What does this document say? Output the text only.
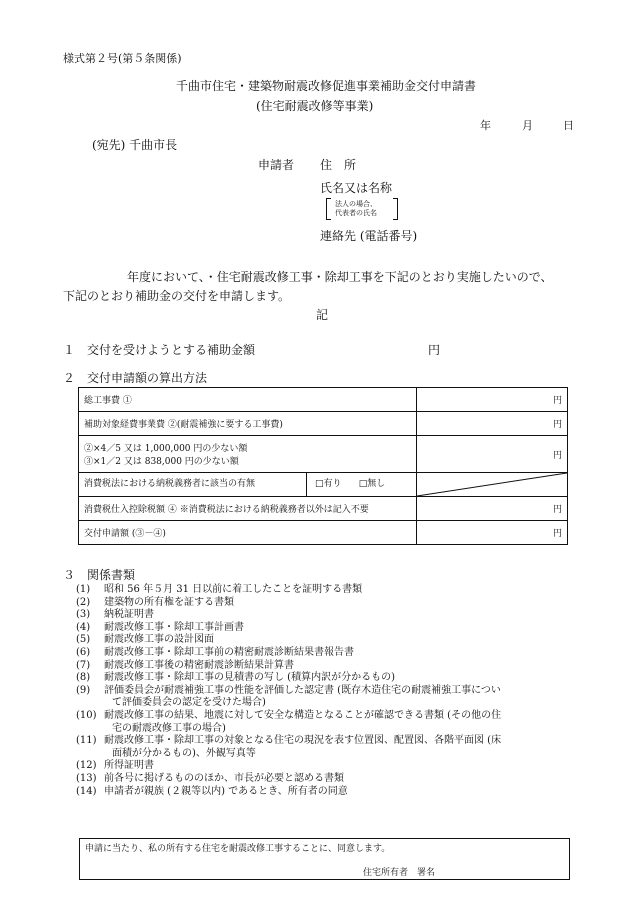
様式第２号(第５条関係)
千曲市住宅・建築物耐震改修促進事業補助金交付申請書
(住宅耐震改修等事業)
年	月	日
(宛先) 千曲市長
申請者 住　所
氏名又は名称
法人の場合、
代表者の氏名
連絡先 (電話番号)
年度において、・住宅耐震改修工事・除却工事を下記のとおり実施したいので、
下記のとおり補助金の交付を申請します。
記
１　交付を受けようとする補助金額	円
２　交付申請額の算出方法
総工事費 ①	円
補助対象経費事業費 ②(耐震補強に要する工事費)	円

②×4／5 又は 1,000,000 円の少ない額
③×1／2 又は 838,000 円の少ない額	円
消費税法における納税義務者に該当の有無 □有り □無し	

消費税仕入控除税額 ④ ※消費税法における納税義務者以外は記入不要	円
交付申請額 (③－④)	円
３　関係書類
(1) 昭和 56 年５月 31 日以前に着工したことを証明する書類
(2) 建築物の所有権を証する書類
(3) 納税証明書
(4) 耐震改修工事・除却工事計画書
(5) 耐震改修工事の設計図面
(6) 耐震改修工事・除却工事前の精密耐震診断結果書報告書
(7) 耐震改修工事後の精密耐震診断結果計算書
(8) 耐震改修工事・除却工事の見積書の写し (積算内訳が分かるもの)
(9) 評価委員会が耐震補強工事の性能を評価した認定書 (既存木造住宅の耐震補強工事につい
て評価委員会の認定を受けた場合)
(10) 耐震改修工事の結果、地震に対して安全な構造となることが確認できる書類 (その他の住
宅の耐震改修工事の場合)
(11) 耐震改修工事・除却工事の対象となる住宅の現況を表す位置図、配置図、各階平面図 (床
面積が分かるもの)、外観写真等
(12) 所得証明書
(13) 前各号に掲げるもののほか、市長が必要と認める書類
(14) 申請者が親族 (２親等以内) であるとき、所有者の同意
申請に当たり、私の所有する住宅を耐震改修工事することに、同意します。
住宅所有者　署名
